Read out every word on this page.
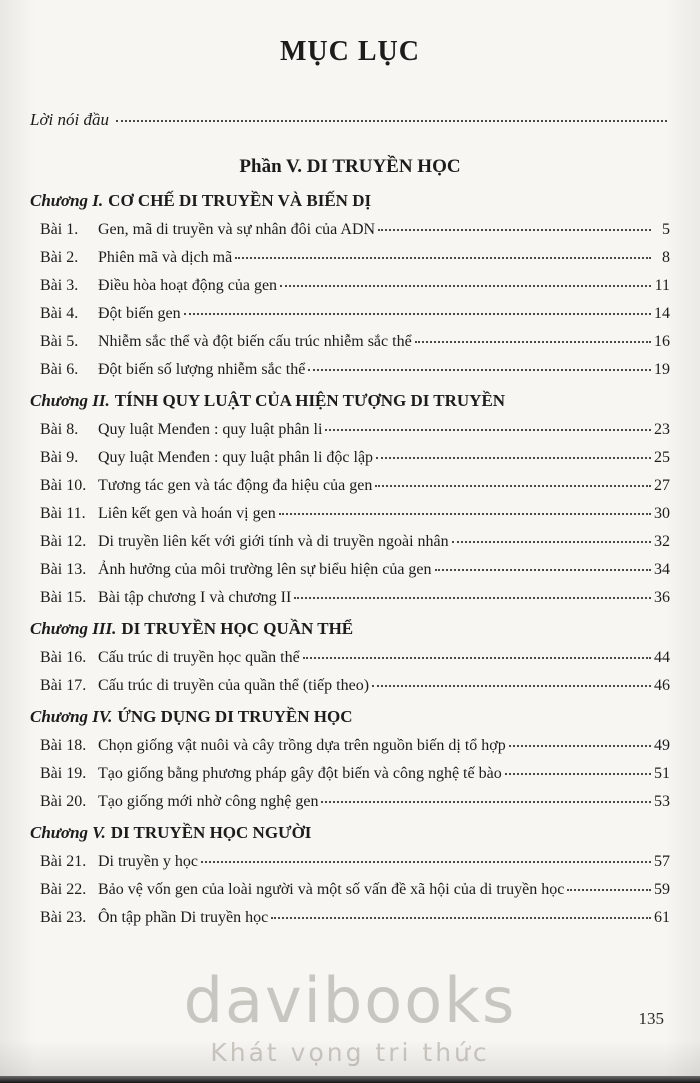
MỤC LỤC
Lời nói đầu
Phần V. DI TRUYỀN HỌC
Chương I. CƠ CHẾ DI TRUYỀN VÀ BIẾN DỊ
Bài 1.	Gen, mã di truyền và sự nhân đôi của ADN	5
Bài 2.	Phiên mã và dịch mã	8
Bài 3.	Điều hòa hoạt động của gen	11
Bài 4.	Đột biến gen	14
Bài 5.	Nhiễm sắc thể và đột biến cấu trúc nhiễm sắc thể	16
Bài 6.	Đột biến số lượng nhiễm sắc thể	19
Chương II. TÍNH QUY LUẬT CỦA HIỆN TƯỢNG DI TRUYỀN
Bài 8.	Quy luật Menđen : quy luật phân li	23
Bài 9.	Quy luật Menđen : quy luật phân li độc lập	25
Bài 10. Tương tác gen và tác động đa hiệu của gen	27
Bài 11. Liên kết gen và hoán vị gen	30
Bài 12. Di truyền liên kết với giới tính và di truyền ngoài nhân	32
Bài 13. Ảnh hưởng của môi trường lên sự biểu hiện của gen	34
Bài 15. Bài tập chương I và chương II	36
Chương III. DI TRUYỀN HỌC QUẦN THỂ
Bài 16. Cấu trúc di truyền học quần thể	44
Bài 17. Cấu trúc di truyền của quần thể (tiếp theo)	46
Chương IV. ỨNG DỤNG DI TRUYỀN HỌC
Bài 18. Chọn giống vật nuôi và cây trồng dựa trên nguồn biến dị tổ hợp	49
Bài 19. Tạo giống bằng phương pháp gây đột biến và công nghệ tế bào	51
Bài 20. Tạo giống mới nhờ công nghệ gen	53
Chương V. DI TRUYỀN HỌC NGƯỜI
Bài 21. Di truyền y học	57
Bài 22. Bảo vệ vốn gen của loài người và một số vấn đề xã hội của di truyền học	59
Bài 23. Ôn tập phần Di truyền học	61
135
davibooks
Khát vọng tri thức
